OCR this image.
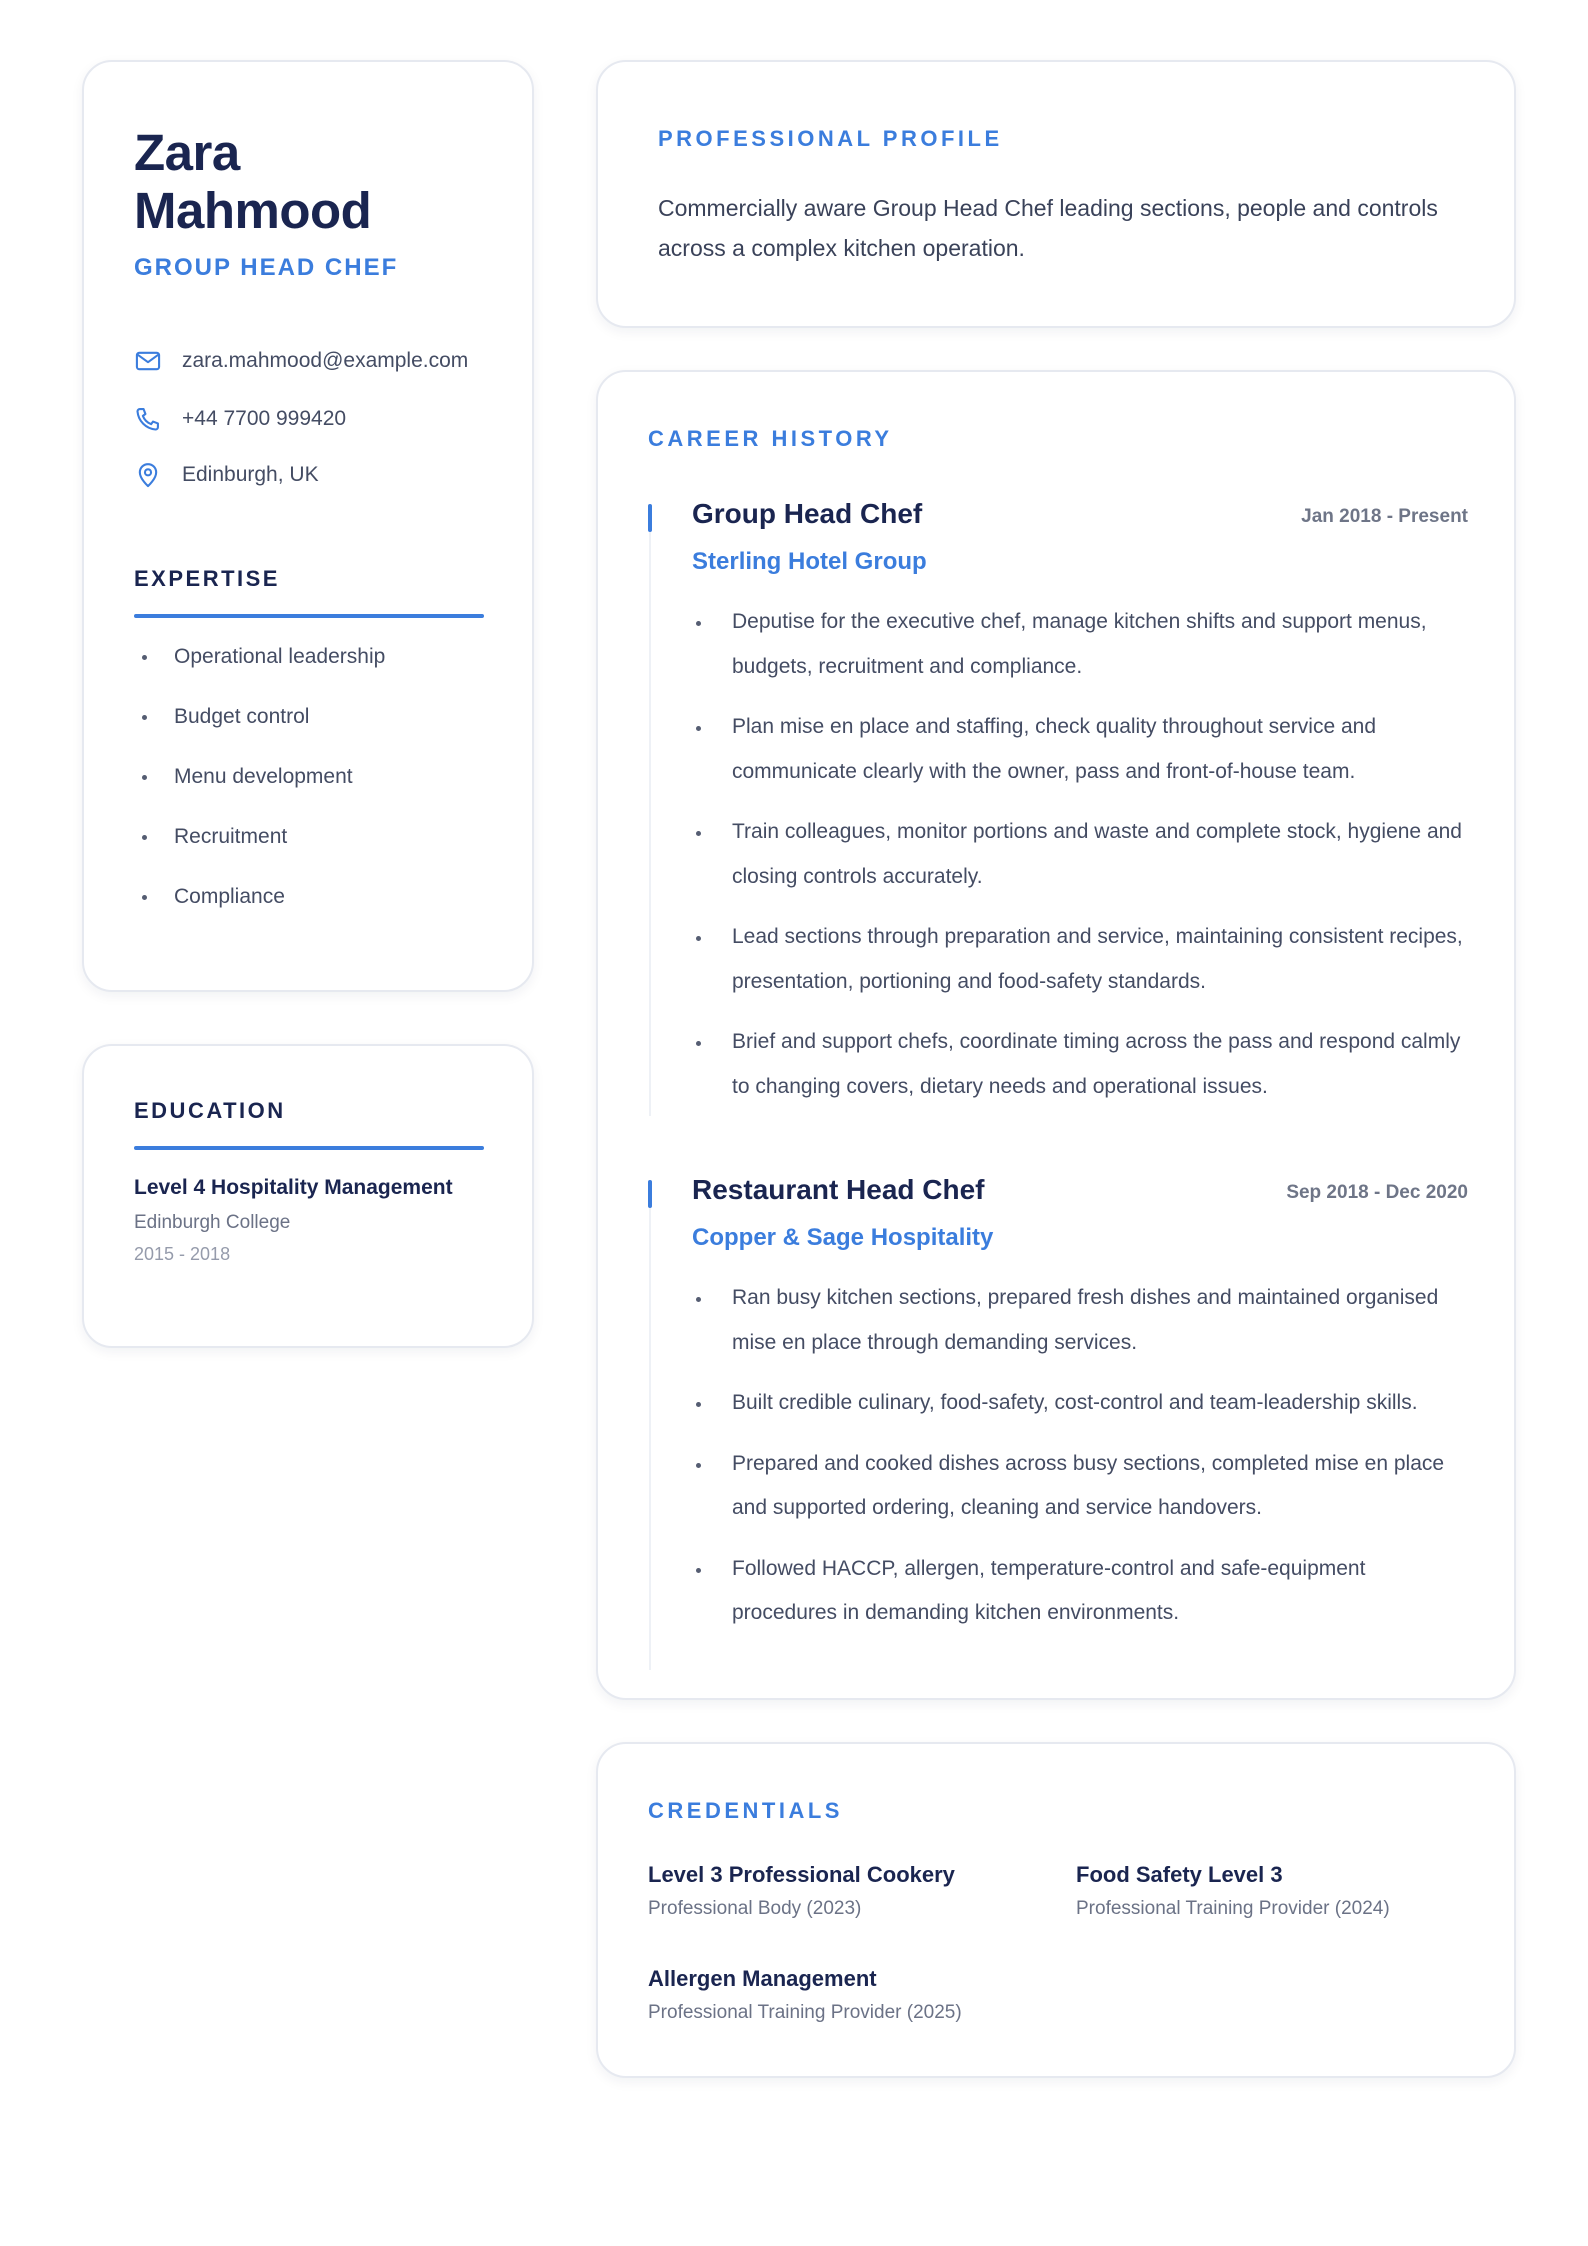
Zara
Mahmood
GROUP HEAD CHEF
zara.mahmood@example.com
+44 7700 999420
Edinburgh, UK
EXPERTISE
Operational leadership
Budget control
Menu development
Recruitment
Compliance
EDUCATION
Level 4 Hospitality Management
Edinburgh College
2015 - 2018
PROFESSIONAL PROFILE

Commercially aware Group Head Chef leading sections, people and controls across a complex kitchen operation.

CAREER HISTORY
Group Head Chef	Jan 2018 - Present
Sterling Hotel Group
Deputise for the executive chef, manage kitchen shifts and support menus, budgets, recruitment and compliance.
Plan mise en place and staffing, check quality throughout service and communicate clearly with the owner, pass and front-of-house team.
Train colleagues, monitor portions and waste and complete stock, hygiene and closing controls accurately.
Lead sections through preparation and service, maintaining consistent recipes, presentation, portioning and food-safety standards.
Brief and support chefs, coordinate timing across the pass and respond calmly to changing covers, dietary needs and operational issues.
Restaurant Head Chef	Sep 2018 - Dec 2020
Copper & Sage Hospitality
Ran busy kitchen sections, prepared fresh dishes and maintained organised mise en place through demanding services.
Built credible culinary, food-safety, cost-control and team-leadership skills.
Prepared and cooked dishes across busy sections, completed mise en place and supported ordering, cleaning and service handovers.
Followed HACCP, allergen, temperature-control and safe-equipment procedures in demanding kitchen environments.
CREDENTIALS
Level 3 Professional Cookery
Professional Body (2023)
Food Safety Level 3
Professional Training Provider (2024)
Allergen Management
Professional Training Provider (2025)
